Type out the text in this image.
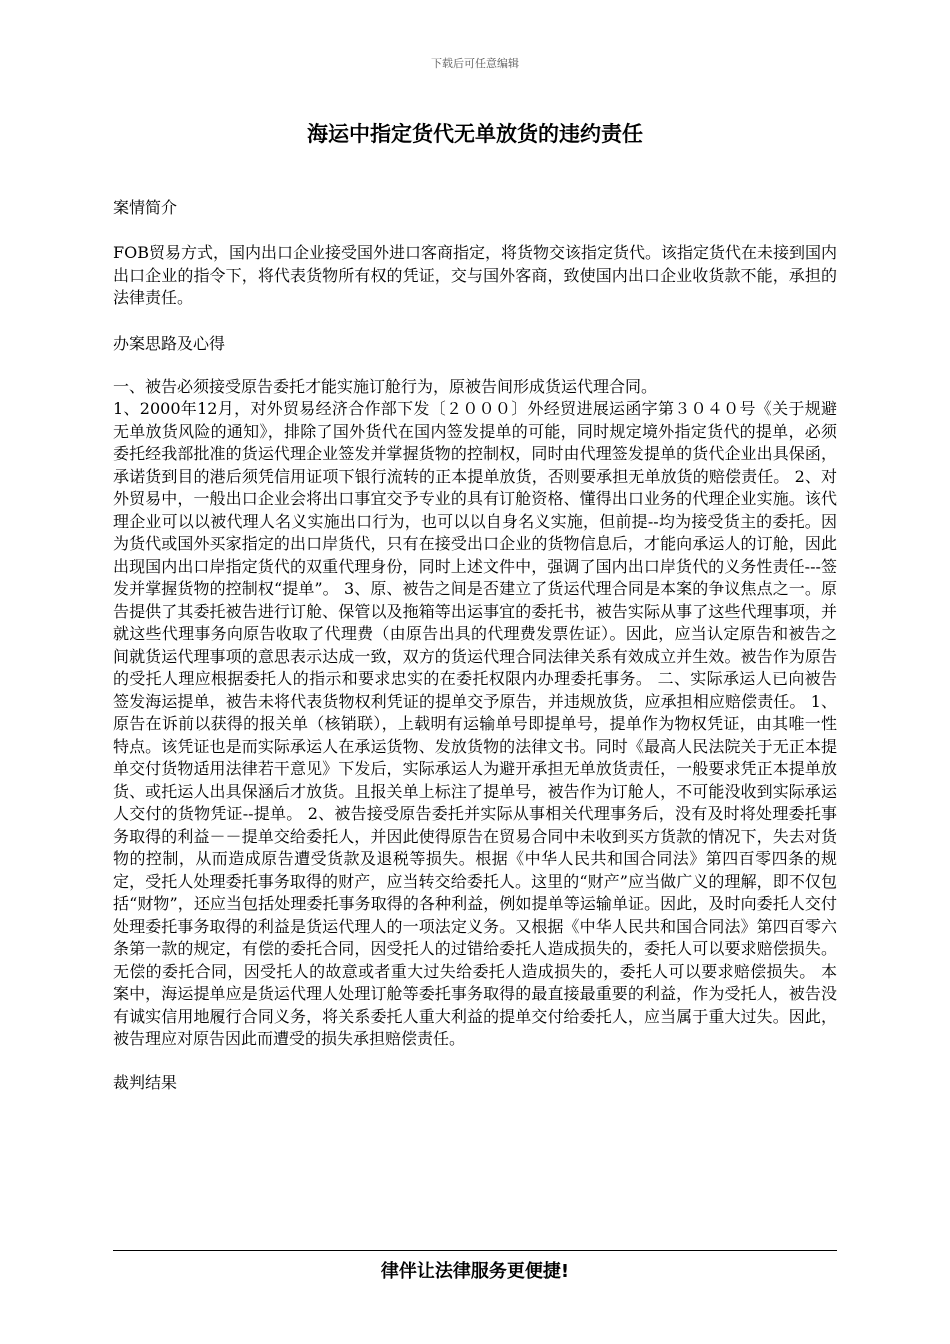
下载后可任意编辑
海运中指定货代无单放货的违约责任

案情简介

FOB贸易方式，国内出口企业接受国外进口客商指定，将货物交该指定货代。该指定货代在未接到国内出口企业的指令下，将代表货物所有权的凭证，交与国外客商，致使国内出口企业收货款不能，承担的法律责任。

办案思路及心得

一、被告必须接受原告委托才能实施订舱行为，原被告间形成货运代理合同。

1、2000年12月，对外贸易经济合作部下发〔２０００〕外经贸进展运函字第３０４０号《关于规避无单放货风险的通知》，排除了国外货代在国内签发提单的可能，同时规定境外指定货代的提单，必须委托经我部批准的货运代理企业签发并掌握货物的控制权，同时由代理签发提单的货代企业出具保函，承诺货到目的港后须凭信用证项下银行流转的正本提单放货，否则要承担无单放货的赔偿责任。 2、对外贸易中，一般出口企业会将出口事宜交予专业的具有订舱资格、懂得出口业务的代理企业实施。该代理企业可以以被代理人名义实施出口行为，也可以以自身名义实施，但前提--均为接受货主的委托。因为货代或国外买家指定的出口岸货代，只有在接受出口企业的货物信息后，才能向承运人的订舱，因此出现国内出口岸指定货代的双重代理身份，同时上述文件中，强调了国内出口岸货代的义务性责任---签发并掌握货物的控制权“提单”。 3、原、被告之间是否建立了货运代理合同是本案的争议焦点之一。原告提供了其委托被告进行订舱、保管以及拖箱等出运事宜的委托书，被告实际从事了这些代理事项，并就这些代理事务向原告收取了代理费（由原告出具的代理费发票佐证）。因此，应当认定原告和被告之间就货运代理事项的意思表示达成一致，双方的货运代理合同法律关系有效成立并生效。被告作为原告的受托人理应根据委托人的指示和要求忠实的在委托权限内办理委托事务。 二、实际承运人已向被告签发海运提单，被告未将代表货物权利凭证的提单交予原告，并违规放货，应承担相应赔偿责任。 1、原告在诉前以获得的报关单（核销联），上载明有运输单号即提单号，提单作为物权凭证，由其唯一性特点。该凭证也是而实际承运人在承运货物、发放货物的法律文书。同时《最高人民法院关于无正本提单交付货物适用法律若干意见》下发后，实际承运人为避开承担无单放货责任，一般要求凭正本提单放货、或托运人出具保涵后才放货。且报关单上标注了提单号，被告作为订舱人，不可能没收到实际承运人交付的货物凭证--提单。 2、被告接受原告委托并实际从事相关代理事务后，没有及时将处理委托事务取得的利益－－提单交给委托人，并因此使得原告在贸易合同中未收到买方货款的情况下，失去对货物的控制，从而造成原告遭受货款及退税等损失。根据《中华人民共和国合同法》第四百零四条的规定，受托人处理委托事务取得的财产，应当转交给委托人。这里的“财产”应当做广义的理解，即不仅包括“财物”，还应当包括处理委托事务取得的各种利益，例如提单等运输单证。因此，及时向委托人交付处理委托事务取得的利益是货运代理人的一项法定义务。又根据《中华人民共和国合同法》第四百零六条第一款的规定，有偿的委托合同，因受托人的过错给委托人造成损失的，委托人可以要求赔偿损失。无偿的委托合同，因受托人的故意或者重大过失给委托人造成损失的，委托人可以要求赔偿损失。 本案中，海运提单应是货运代理人处理订舱等委托事务取得的最直接最重要的利益，作为受托人，被告没有诚实信用地履行合同义务，将关系委托人重大利益的提单交付给委托人，应当属于重大过失。因此，被告理应对原告因此而遭受的损失承担赔偿责任。

裁判结果

律伴让法律服务更便捷!
